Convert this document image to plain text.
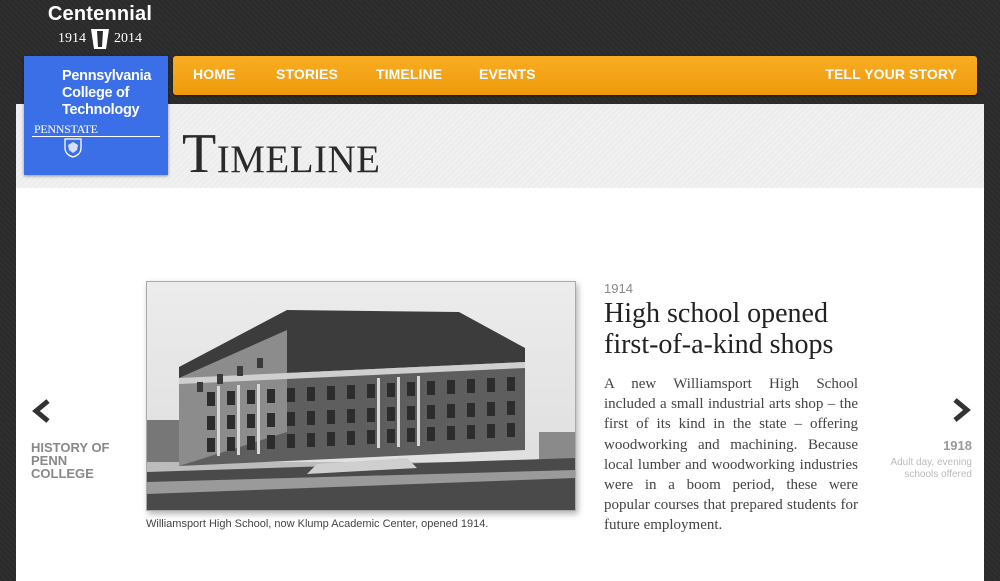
Centennial
1914 2014
HOME	STORIES	TIMELINE	EVENTS	TELL YOUR STORY
Timeline
Pennsylvania College of Technology
PENNSTATE
Williamsport High School, now Klump Academic Center, opened 1914.
1914
High school opened first-of-a-kind shops

A new Williamsport High School included a small industrial arts shop – the first of its kind in the state – offering woodworking and machining. Because local lumber and woodworking industries were in a boom period, these were popular courses that prepared students for future employment.

HISTORY OF PENN COLLEGE
1918
Adult day, evening schools offered
